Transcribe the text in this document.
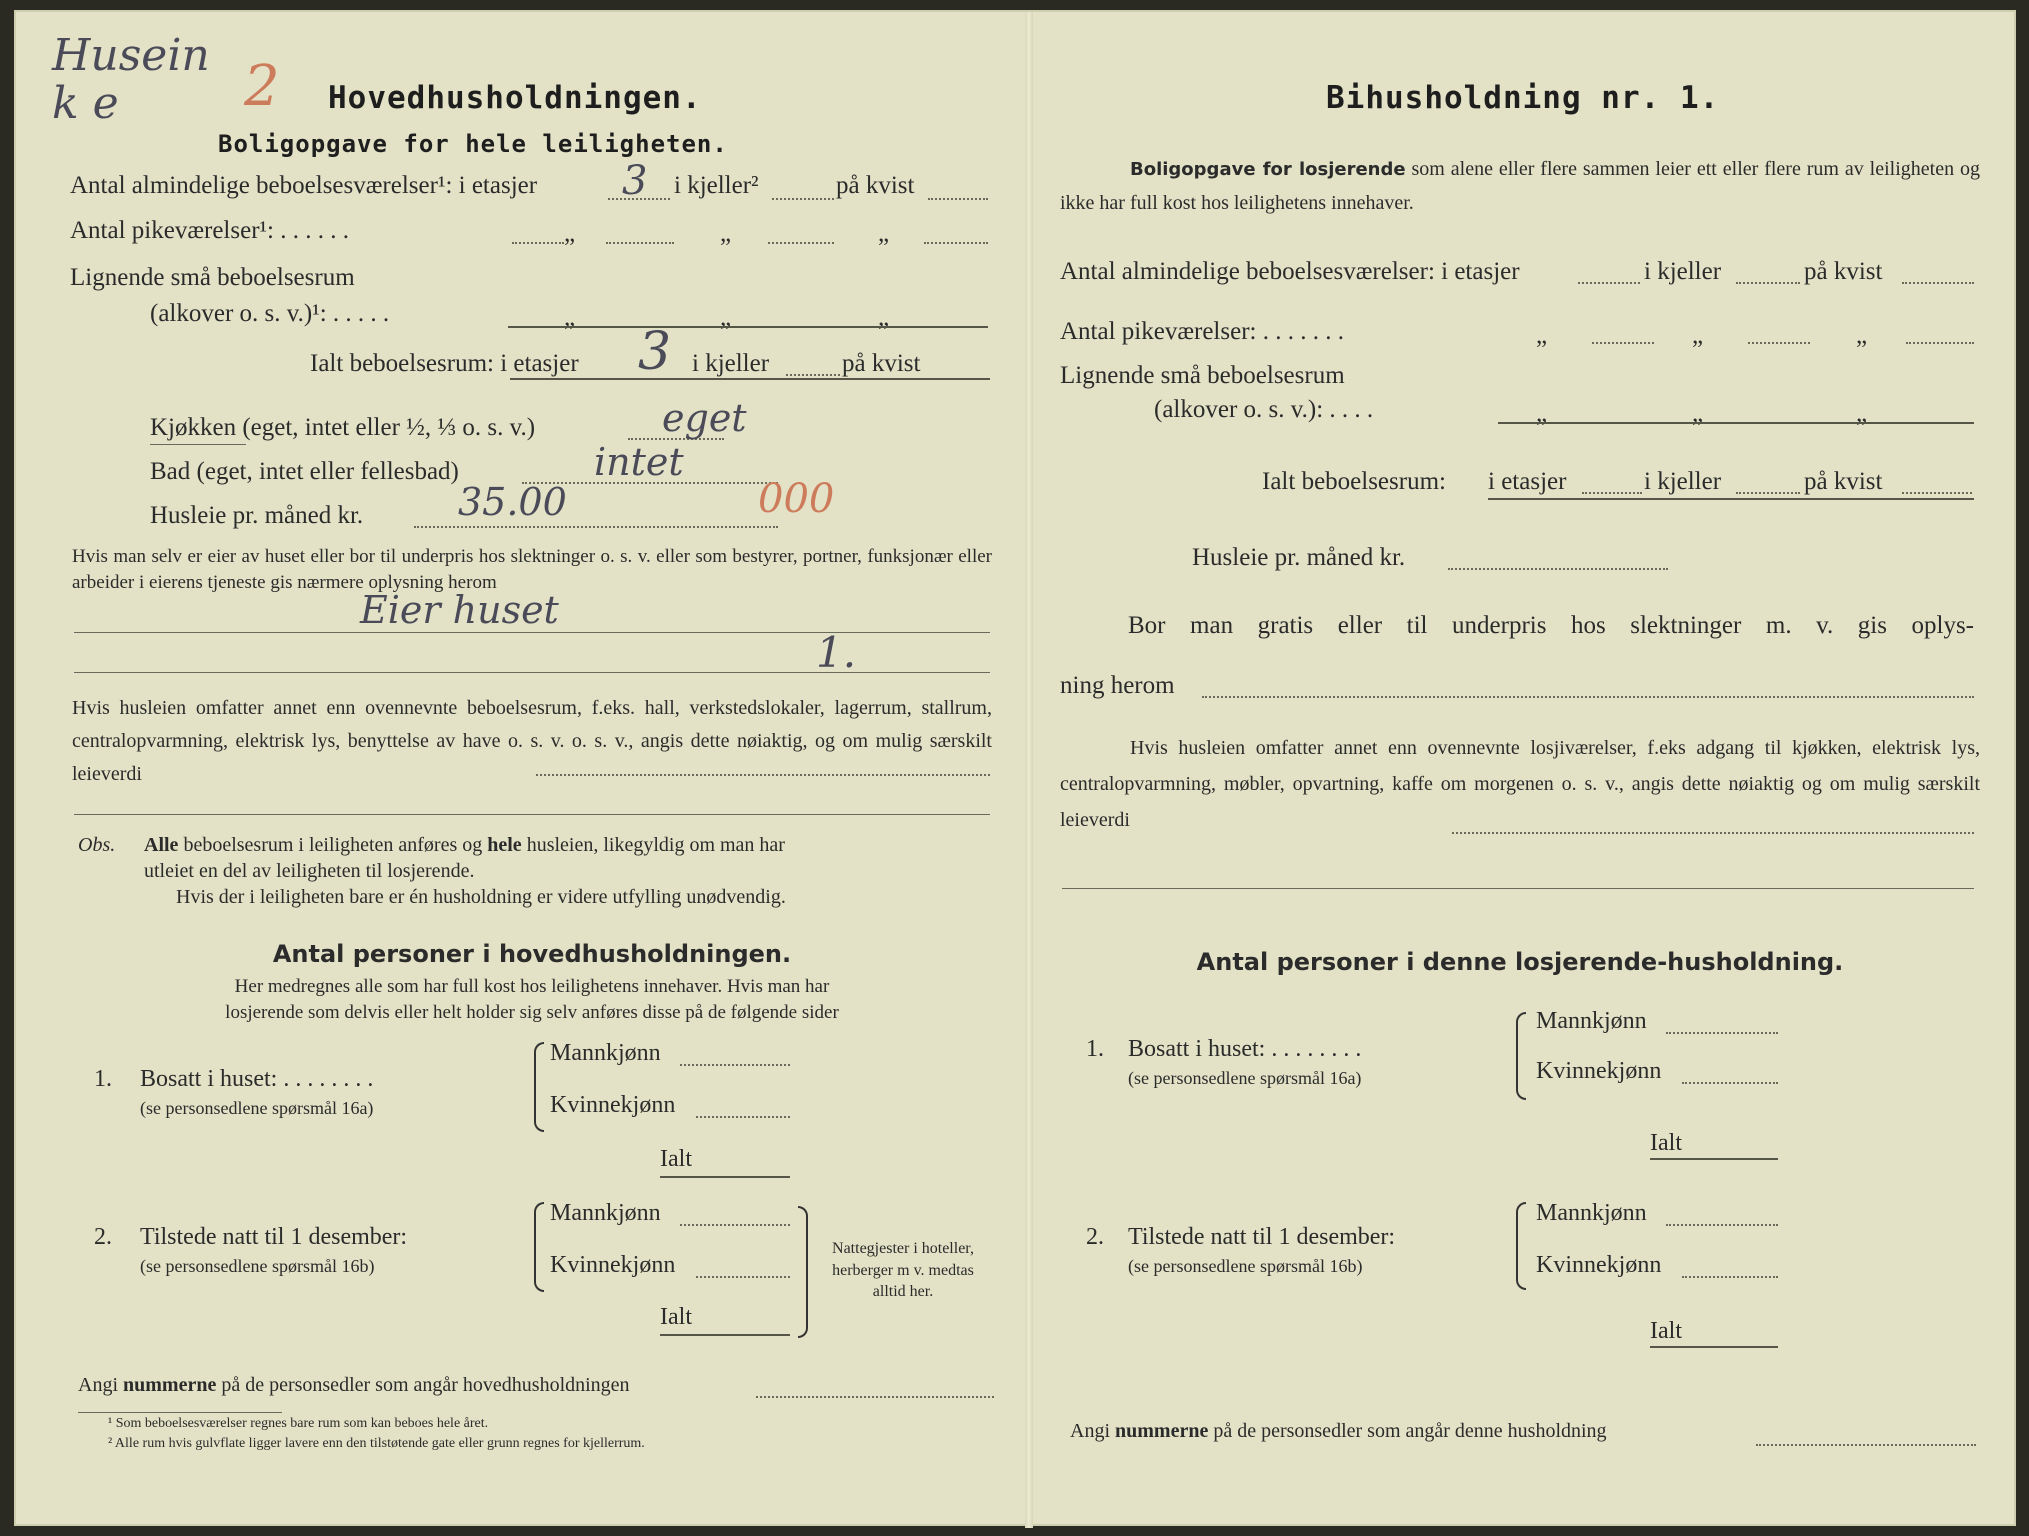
Husein k e	2 Hovedhusholdningen.
Boligopgave for hele leiligheten.
Antal almindelige beboelsesværelser¹: i etasjer 3 i kjeller²	på kvist
Antal pikeværelser¹: . . . . . .	„	„	„
Lignende små beboelsesrum
(alkover o. s. v.)¹: . . . . .	„	„	„
Ialt beboelsesrum: i etasjer 3 i kjeller	på kvist
Kjøkken (eget, intet eller ½, ⅓ o. s. v.)	eget
Bad (eget, intet eller fellesbad)	intet
Husleie pr. måned kr. 35.00	000
Hvis man selv er eier av huset eller bor til underpris hos slektninger o. s. v. eller som bestyrer, portner, funksjonær eller arbeider i eierens tjeneste gis nærmere oplysning herom
Eier huset
1.
Hvis husleien omfatter annet enn ovennevnte beboelsesrum, f.eks. hall, verkstedslokaler, lagerrum, stallrum, centralopvarmning, elektrisk lys, benyttelse av have o. s. v. o. s. v., angis dette nøiaktig, og om mulig særskilt leieverdi
Obs. Alle beboelsesrum i leiligheten anføres og hele husleien, likegyldig om man har
utleiet en del av leiligheten til losjerende.
Hvis der i leiligheten bare er én husholdning er videre utfylling unødvendig.
Antal personer i hovedhusholdningen.
Her medregnes alle som har full kost hos leilighetens innehaver. Hvis man har
losjerende som delvis eller helt holder sig selv anføres disse på de følgende sider
1. Bosatt i huset: . . . . . . . .
(se personsedlene spørsmål 16a)
Mannkjønn
Kvinnekjønn
Ialt
2. Tilstede natt til 1 desember:
(se personsedlene spørsmål 16b)
Mannkjønn
Kvinnekjønn
Ialt
Nattegjester i hoteller, herberger m v. medtas alltid her.
Angi nummerne på de personsedler som angår hovedhusholdningen
¹ Som beboelsesværelser regnes bare rum som kan beboes hele året.
² Alle rum hvis gulvflate ligger lavere enn den tilstøtende gate eller grunn regnes for kjellerrum.
Bihusholdning nr. 1.
Boligopgave for losjerende som alene eller flere sammen leier ett eller flere rum av leiligheten og ikke har full kost hos leilighetens innehaver.
Antal almindelige beboelsesværelser: i etasjer	i kjeller	på kvist
Antal pikeværelser: . . . . . . .	„	„	„
Lignende små beboelsesrum
(alkover o. s. v.): . . . .	„	„	„
Ialt beboelsesrum: i etasjer	i kjeller	på kvist
Husleie pr. måned kr.
Bor man gratis eller til underpris hos slektninger m. v. gis oplys-
ning herom
Hvis husleien omfatter annet enn ovennevnte losjiværelser, f.eks adgang til kjøkken, elektrisk lys, centralopvarmning, møbler, opvartning, kaffe om morgenen o. s. v., angis dette nøiaktig og om mulig særskilt leieverdi
Antal personer i denne losjerende-husholdning.
1. Bosatt i huset: . . . . . . . .
(se personsedlene spørsmål 16a)
Mannkjønn
Kvinnekjønn
Ialt
2. Tilstede natt til 1 desember:
(se personsedlene spørsmål 16b)
Mannkjønn
Kvinnekjønn
Ialt
Angi nummerne på de personsedler som angår denne husholdning
